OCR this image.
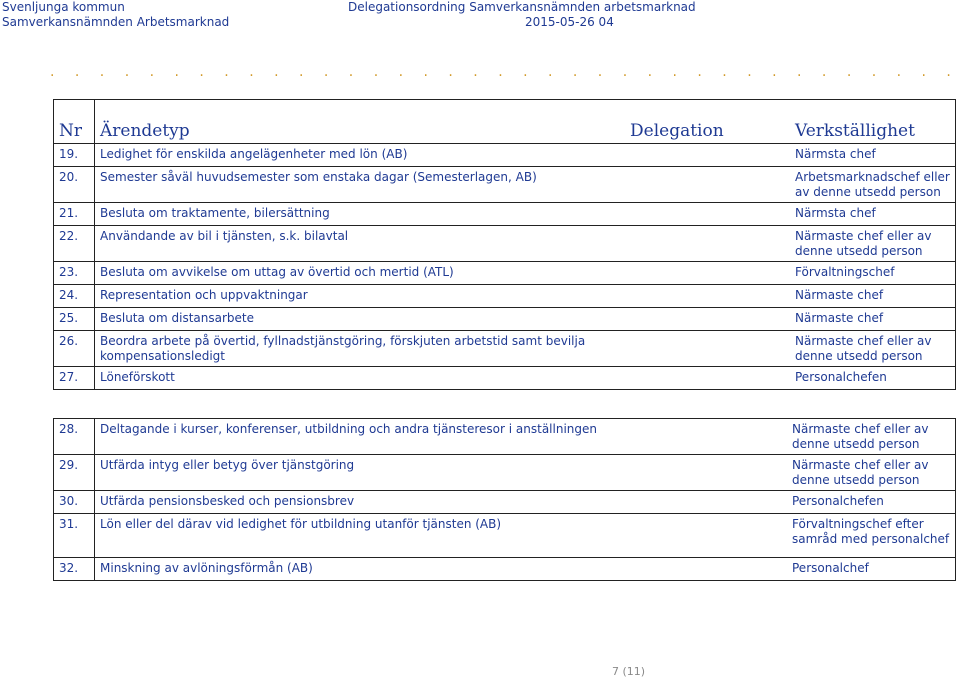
Svenljunga kommun
Samverkansnämnden Arbetsmarknad
Delegationsordning Samverkansnämnden arbetsmarknad
2015-05-26 04
. . . . . . . . . . . . . . . . . . . . . . . . . . . . . . . . . . . . .
Nr	Ärendetyp	Delegation	Verkställighet
19.	Ledighet för enskilda angelägenheter med lön (AB)		Närmsta chef
20.	Semester såväl huvudsemester som enstaka dagar (Semesterlagen, AB)		Arbetsmarknadschef eller av denne utsedd person
21.	Besluta om traktamente, bilersättning		Närmsta chef
22.	Användande av bil i tjänsten, s.k. bilavtal		Närmaste chef eller av denne utsedd person
23.	Besluta om avvikelse om uttag av övertid och mertid (ATL)		Förvaltningschef
24.	Representation och uppvaktningar		Närmaste chef
25.	Besluta om distansarbete		Närmaste chef
26.	Beordra arbete på övertid, fyllnadstjänstgöring, förskjuten arbetstid samt bevilja kompensationsledigt		Närmaste chef eller av denne utsedd person
27.	Löneförskott		Personalchefen
28.	Deltagande i kurser, konferenser, utbildning och andra tjänsteresor i anställningen	Närmaste chef eller av denne utsedd person
29.	Utfärda intyg eller betyg över tjänstgöring	Närmaste chef eller av denne utsedd person
30.	Utfärda pensionsbesked och pensionsbrev	Personalchefen
31.	Lön eller del därav vid ledighet för utbildning utanför tjänsten (AB)	Förvaltningschef efter samråd med personalchef
32.	Minskning av avlöningsförmån (AB)	Personalchef
7 (11)
